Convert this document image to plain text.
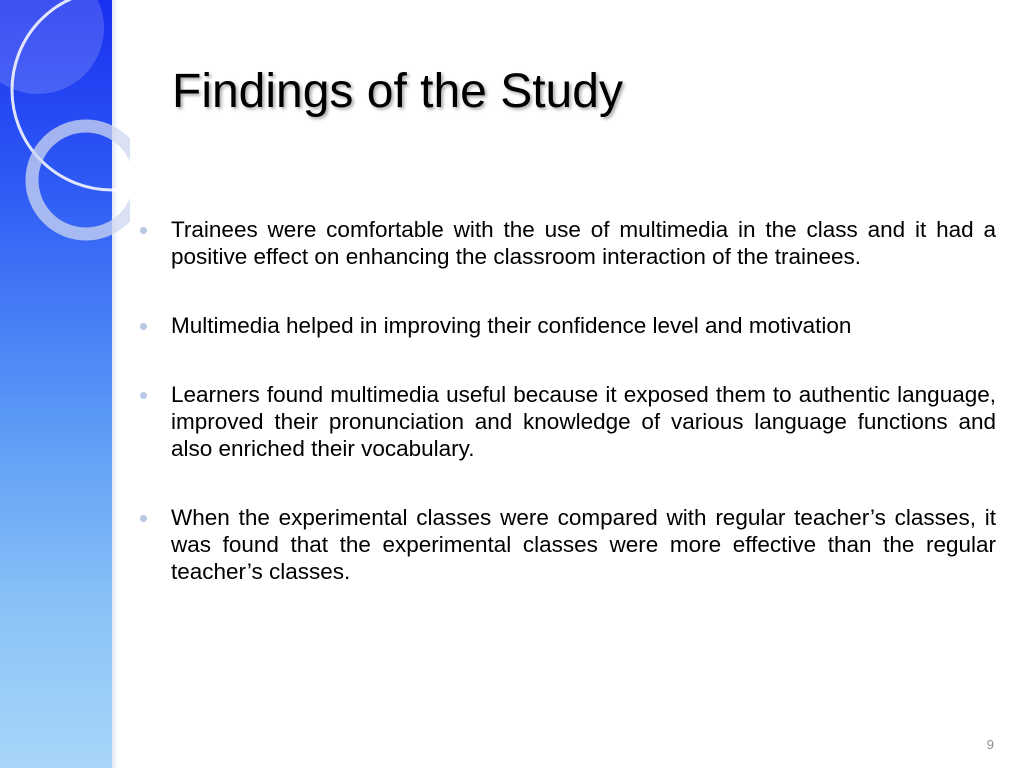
Findings of the Study
Trainees were comfortable with the use of multimedia in the class and it had a positive effect on enhancing the classroom interaction of the trainees.
Multimedia helped in improving their confidence level and motivation
Learners found multimedia useful because it exposed them to authentic language, improved their pronunciation and knowledge of various language functions and also enriched their vocabulary.
When the experimental classes were compared with regular teacher’s classes, it was found that the experimental classes were more effective than the regular teacher’s classes.
9
